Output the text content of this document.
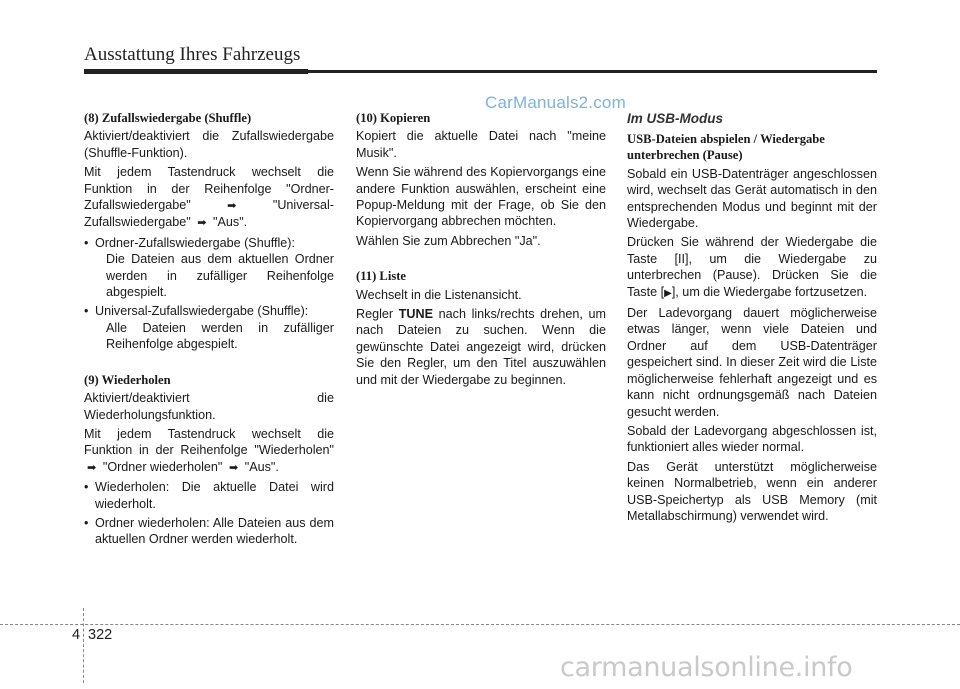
Ausstattung Ihres Fahrzeugs
CarManuals2.com
(8) Zufallswiedergabe (Shuffle)

Aktiviert/deaktiviert die Zufallswiedergabe (Shuffle-Funktion).

Mit jedem Tastendruck wechselt die Funktion in der Reihenfolge "Ordner-Zufallswiedergabe"  ➡  "Universal-Zufallswiedergabe"  ➡  "Aus".

• Ordner-Zufallswiedergabe (Shuffle):
Die Dateien aus dem aktuellen Ordner werden in zufälliger Reihenfolge abgespielt.
• Universal-Zufallswiedergabe (Shuffle):
Alle Dateien werden in zufälliger Reihenfolge abgespielt.
(9) Wiederholen

Aktiviert/deaktiviert die Wiederholungsfunktion.

Mit jedem Tastendruck wechselt die Funktion in der Reihenfolge "Wiederholen"  ➡  "Ordner wiederholen"  ➡  "Aus".

• Wiederholen: Die aktuelle Datei wird wiederholt.
• Ordner wiederholen: Alle Dateien aus dem aktuellen Ordner werden wiederholt.
(10) Kopieren

Kopiert die aktuelle Datei nach "meine Musik".

Wenn Sie während des Kopiervorgangs eine andere Funktion auswählen, erscheint eine Popup-Meldung mit der Frage, ob Sie den Kopiervorgang abbrechen möchten.

Wählen Sie zum Abbrechen "Ja".

(11) Liste

Wechselt in die Listenansicht.

Regler TUNE nach links/rechts drehen, um nach Dateien zu suchen. Wenn die gewünschte Datei angezeigt wird, drücken Sie den Regler, um den Titel auszuwählen und mit der Wiedergabe zu beginnen.

Im USB-Modus
USB-Dateien abspielen / Wiedergabe unterbrechen (Pause)

Sobald ein USB-Datenträger angeschlossen wird, wechselt das Gerät automatisch in den entsprechenden Modus und beginnt mit der Wiedergabe.

Drücken Sie während der Wiedergabe die Taste [II], um die Wiedergabe zu unterbrechen (Pause). Drücken Sie die Taste [▶], um die Wiedergabe fortzusetzen.

Der Ladevorgang dauert möglicherweise etwas länger, wenn viele Dateien und Ordner auf dem USB-Datenträger gespeichert sind. In dieser Zeit wird die Liste möglicherweise fehlerhaft angezeigt und es kann nicht ordnungsgemäß nach Dateien gesucht werden.

Sobald der Ladevorgang abgeschlossen ist, funktioniert alles wieder normal.

Das Gerät unterstützt möglicherweise keinen Normalbetrieb, wenn ein anderer USB-Speichertyp als USB Memory (mit Metallabschirmung) verwendet wird.

4 322
carmanualsonline.info
